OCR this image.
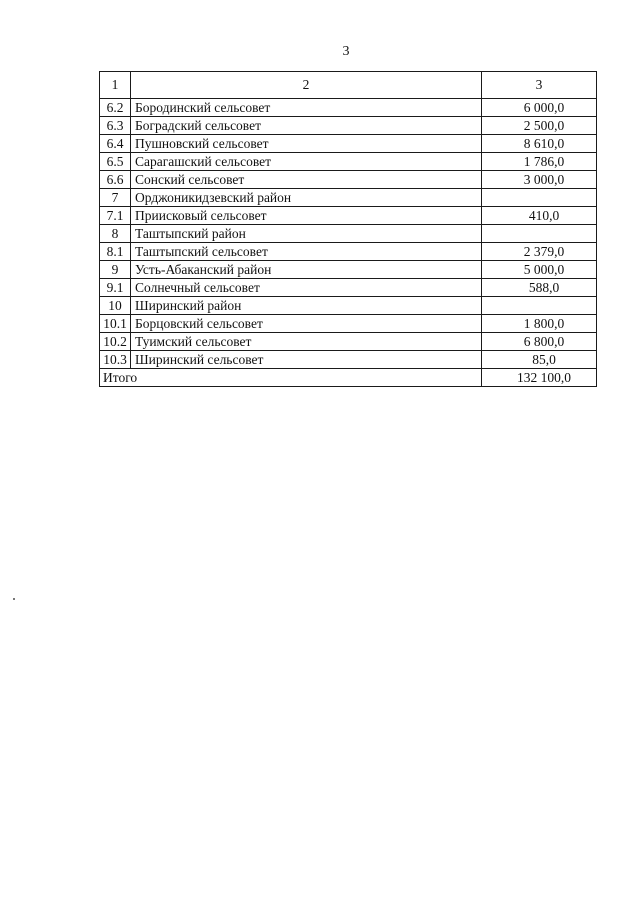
3
1	2	3
6.2	Бородинский сельсовет	6 000,0
6.3	Боградский сельсовет	2 500,0
6.4	Пушновский сельсовет	8 610,0
6.5	Сарагашский сельсовет	1 786,0
6.6	Сонский сельсовет	3 000,0
7	Орджоникидзевский район	
7.1	Приисковый сельсовет	410,0
8	Таштыпский район	
8.1	Таштыпский сельсовет	2 379,0
9	Усть-Абаканский район	5 000,0
9.1	Солнечный сельсовет	588,0
10	Ширинский район	
10.1	Борцовский сельсовет	1 800,0
10.2	Туимский сельсовет	6 800,0
10.3	Ширинский сельсовет	85,0
Итого		132 100,0
